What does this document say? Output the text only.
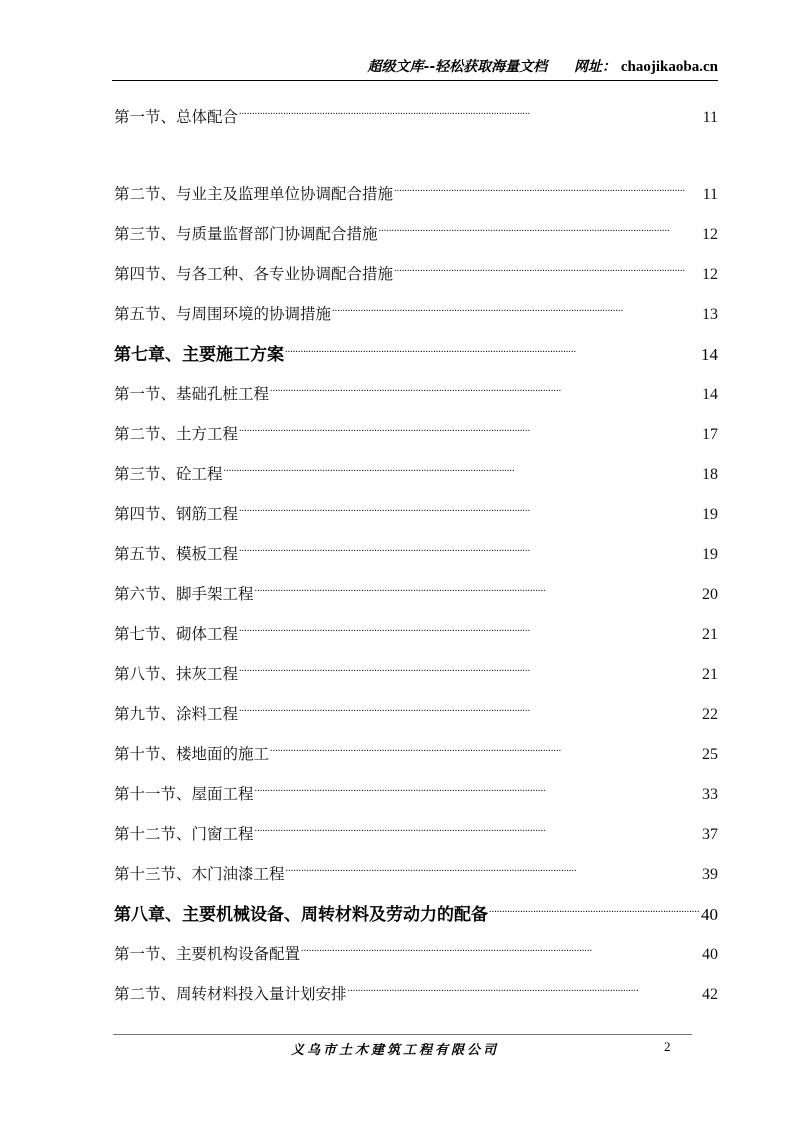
超级文库--轻松获取海量文档 网址： chaojikaoba.cn
第一节、总体配合 . . .	11
第二节、与业主及监理单位协调配合措施 . . .	11
第三节、与质量监督部门协调配合措施 . . .	12
第四节、与各工种、各专业协调配合措施 . . .	12
第五节、与周围环境的协调措施 . . .	13
第七章、主要施工方案 . . .	14
第一节、基础孔桩工程 . . .	14
第二节、土方工程 . . .	17
第三节、砼工程 . . .	18
第四节、钢筋工程 . . .	19
第五节、模板工程 . . .	19
第六节、脚手架工程 . . .	20
第七节、砌体工程 . . .	21
第八节、抹灰工程 . . .	21
第九节、涂料工程 . . .	22
第十节、楼地面的施工 . . .	25
第十一节、屋面工程 . . .	33
第十二节、门窗工程 . . .	37
第十三节、木门油漆工程 . . .	39
第八章、主要机械设备、周转材料及劳动力的配备 . . .	40
第一节、主要机构设备配置 . . .	40
第二节、周转材料投入量计划安排 . . .	42
义乌市土木建筑工程有限公司	2
